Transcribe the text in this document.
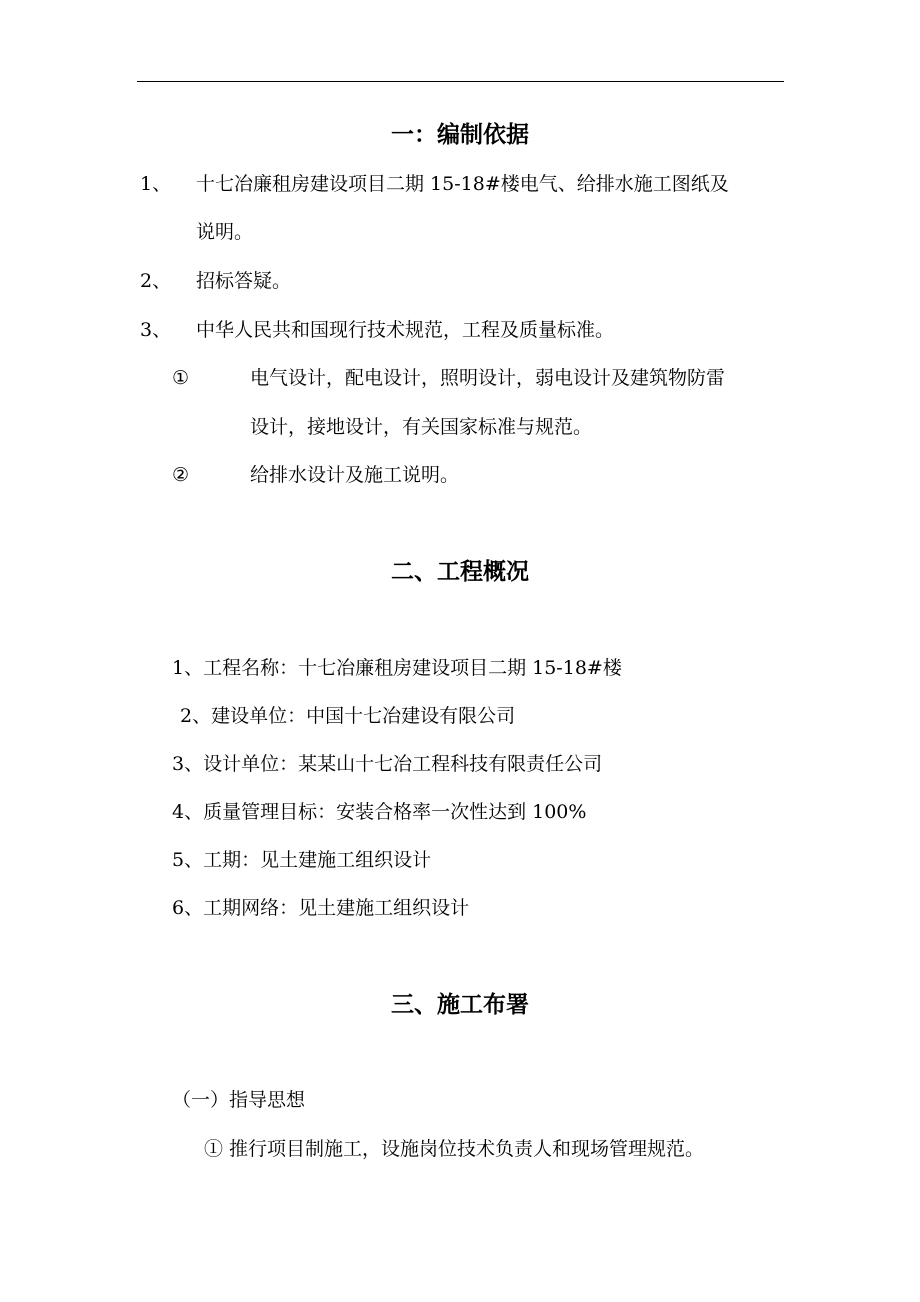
一：编制依据
1、 十七冶廉租房建设项目二期 15-18#楼电气、给排水施工图纸及
说明。
2、 招标答疑。
3、 中华人民共和国现行技术规范，工程及质量标准。
①	电气设计，配电设计，照明设计，弱电设计及建筑物防雷
设计，接地设计，有关国家标准与规范。
②	给排水设计及施工说明。
二、工程概况
1、工程名称：十七冶廉租房建设项目二期 15-18#楼
2、建设单位：中国十七冶建设有限公司
3、设计单位：某某山十七冶工程科技有限责任公司
4、质量管理目标：安装合格率一次性达到 100%
5、工期：见土建施工组织设计
6、工期网络：见土建施工组织设计
三、施工布署
（一）指导思想
① 推行项目制施工，设施岗位技术负责人和现场管理规范。
